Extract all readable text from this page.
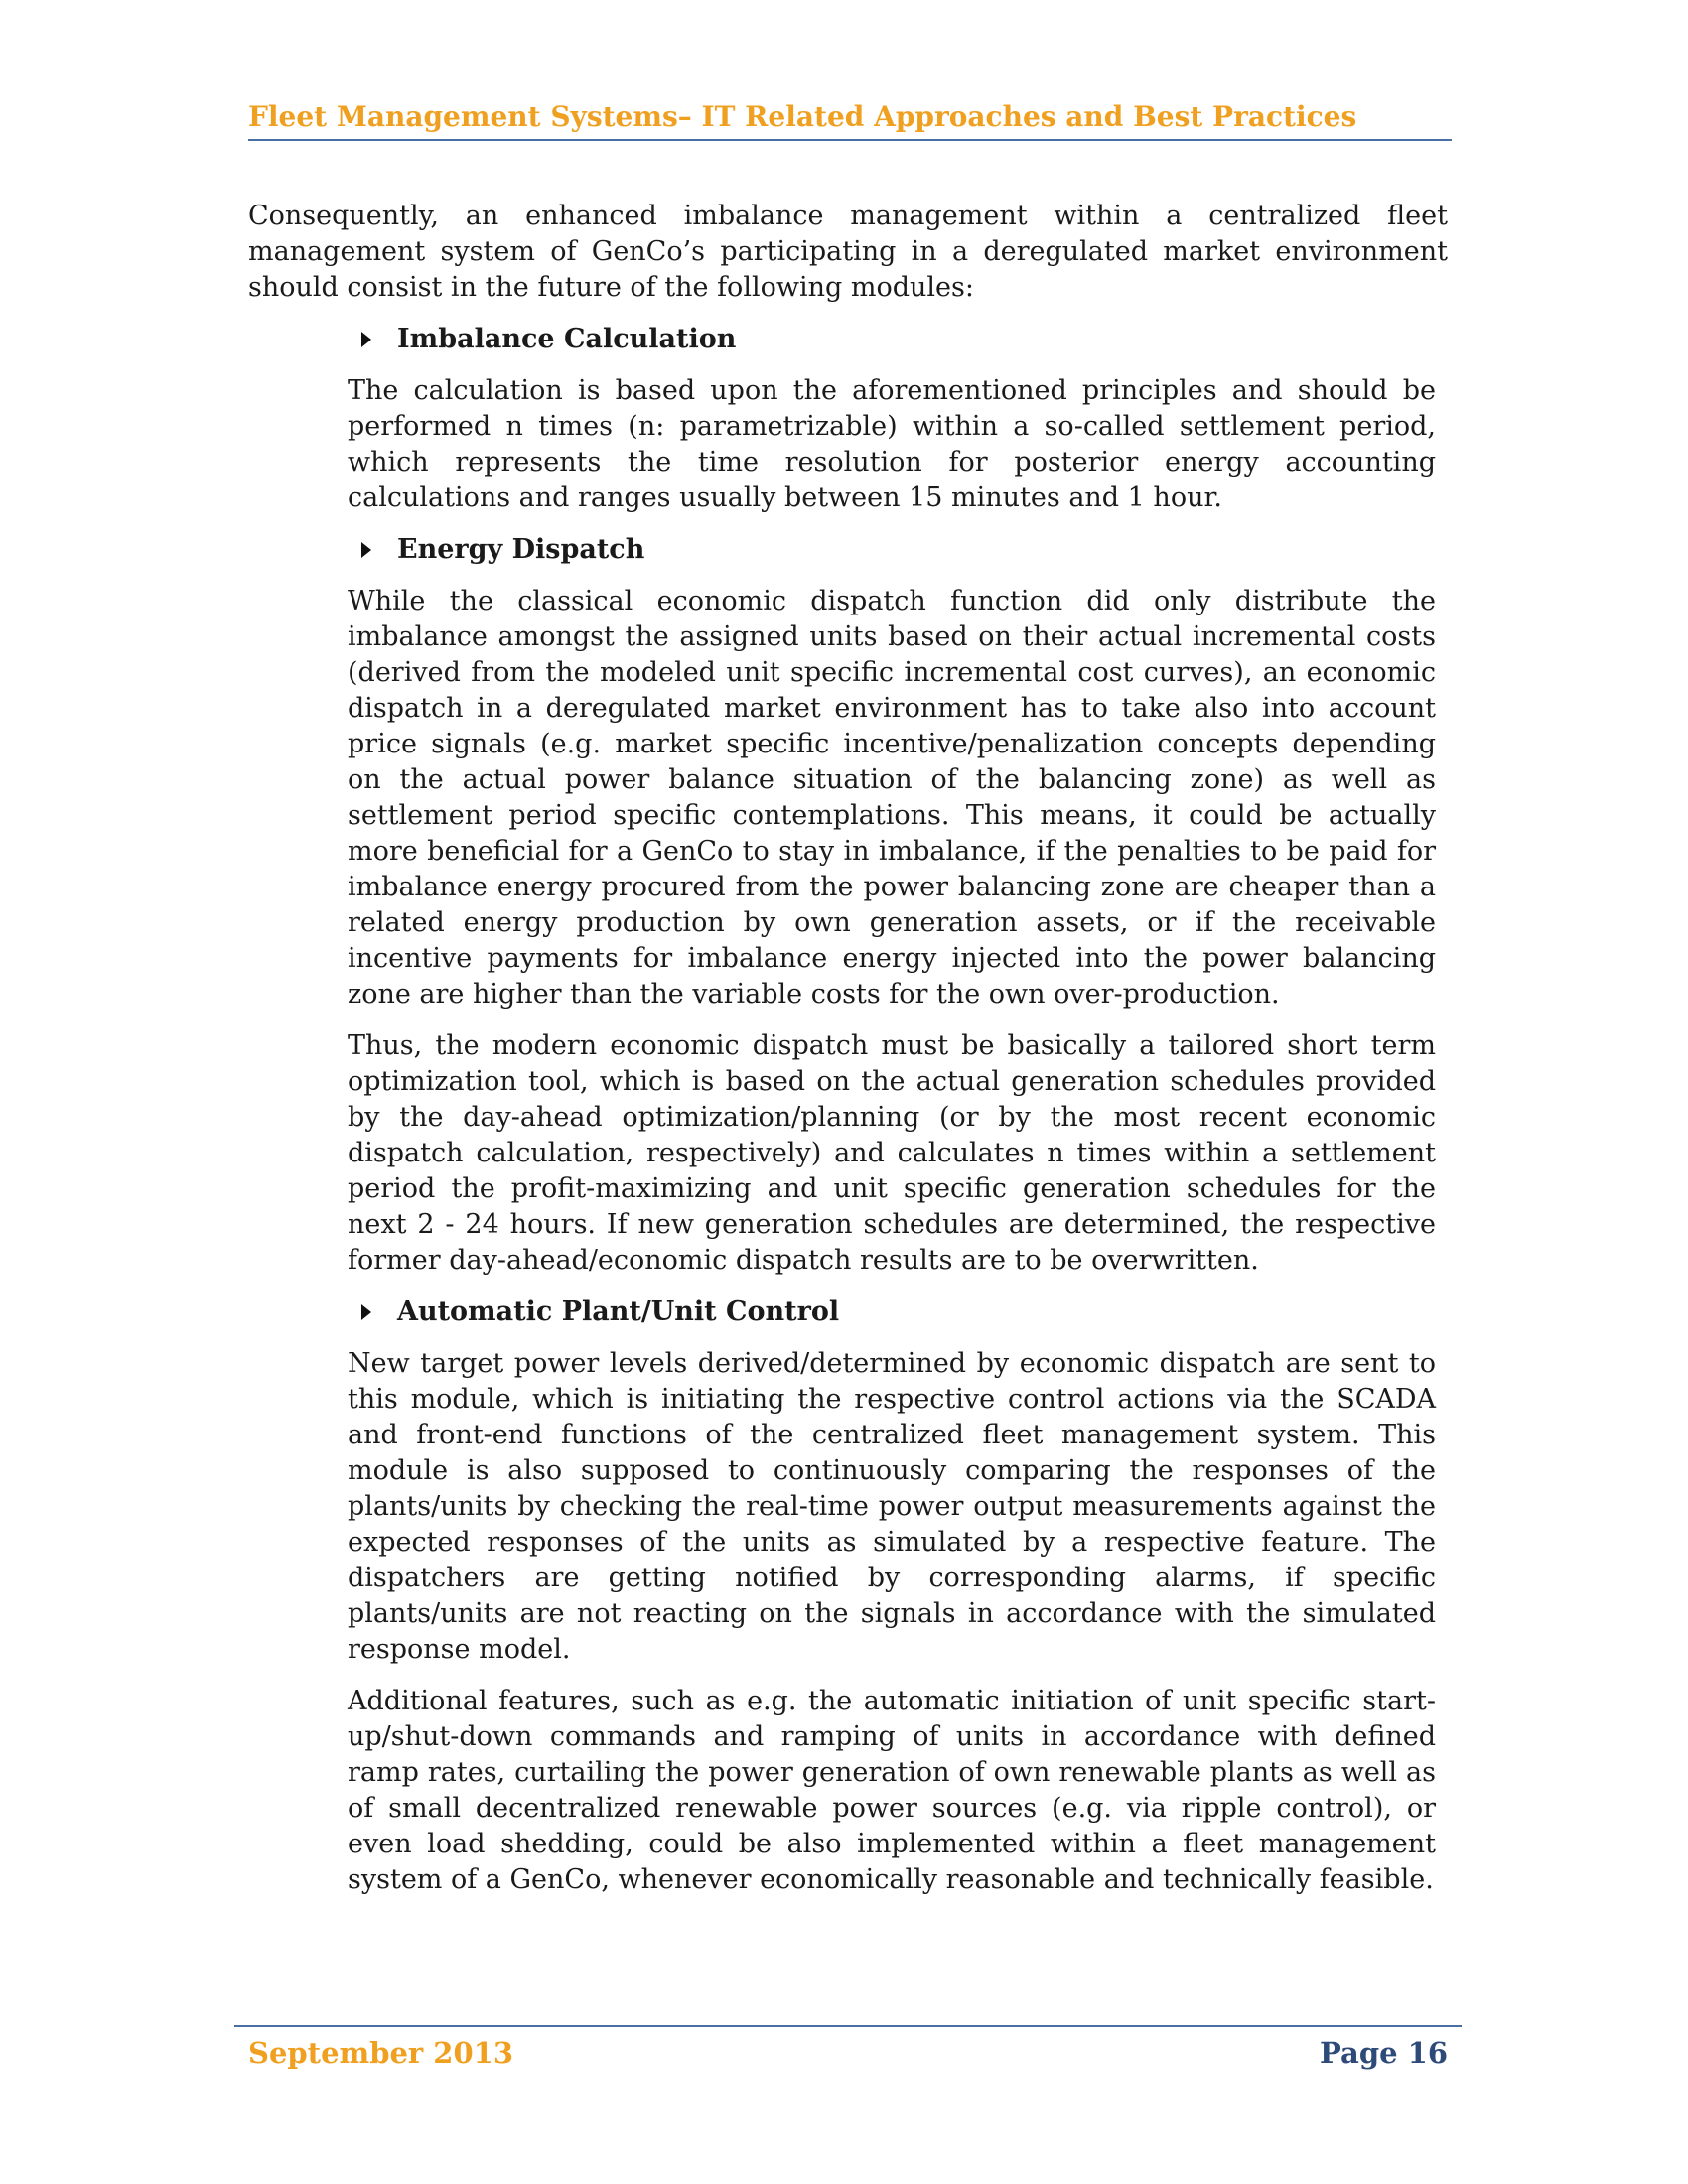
Fleet Management Systems– IT Related Approaches and Best Practices

Consequently, an enhanced imbalance management within a centralized fleet management system of GenCo’s participating in a deregulated market environment should consist in the future of the following modules:

Imbalance Calculation

The calculation is based upon the aforementioned principles and should be performed n times (n: parametrizable) within a so-called settlement period, which represents the time resolution for posterior energy accounting calculations and ranges usually between 15 minutes and 1 hour.

Energy Dispatch

While the classical economic dispatch function did only distribute the imbalance amongst the assigned units based on their actual incremental costs (derived from the modeled unit specific incremental cost curves), an economic dispatch in a deregulated market environment has to take also into account price signals (e.g. market specific incentive/penalization concepts depending on the actual power balance situation of the balancing zone) as well as settlement period specific contemplations. This means, it could be actually more beneficial for a GenCo to stay in imbalance, if the penalties to be paid for imbalance energy procured from the power balancing zone are cheaper than a related energy production by own generation assets, or if the receivable incentive payments for imbalance energy injected into the power balancing zone are higher than the variable costs for the own over-production.

Thus, the modern economic dispatch must be basically a tailored short term optimization tool, which is based on the actual generation schedules provided by the day-ahead optimization/planning (or by the most recent economic dispatch calculation, respectively) and calculates n times within a settlement period the profit-maximizing and unit specific generation schedules for the next 2 - 24 hours. If new generation schedules are determined, the respective former day-ahead/economic dispatch results are to be overwritten.

Automatic Plant/Unit Control

New target power levels derived/determined by economic dispatch are sent to this module, which is initiating the respective control actions via the SCADA and front-end functions of the centralized fleet management system. This module is also supposed to continuously comparing the responses of the plants/units by checking the real-time power output measurements against the expected responses of the units as simulated by a respective feature. The dispatchers are getting notified by corresponding alarms, if specific plants/units are not reacting on the signals in accordance with the simulated response model.

Additional features, such as e.g. the automatic initiation of unit specific start-up/shut-down commands and ramping of units in accordance with defined ramp rates, curtailing the power generation of own renewable plants as well as of small decentralized renewable power sources (e.g. via ripple control), or even load shedding, could be also implemented within a fleet management system of a GenCo, whenever economically reasonable and technically feasible.

September 2013	Page 16
